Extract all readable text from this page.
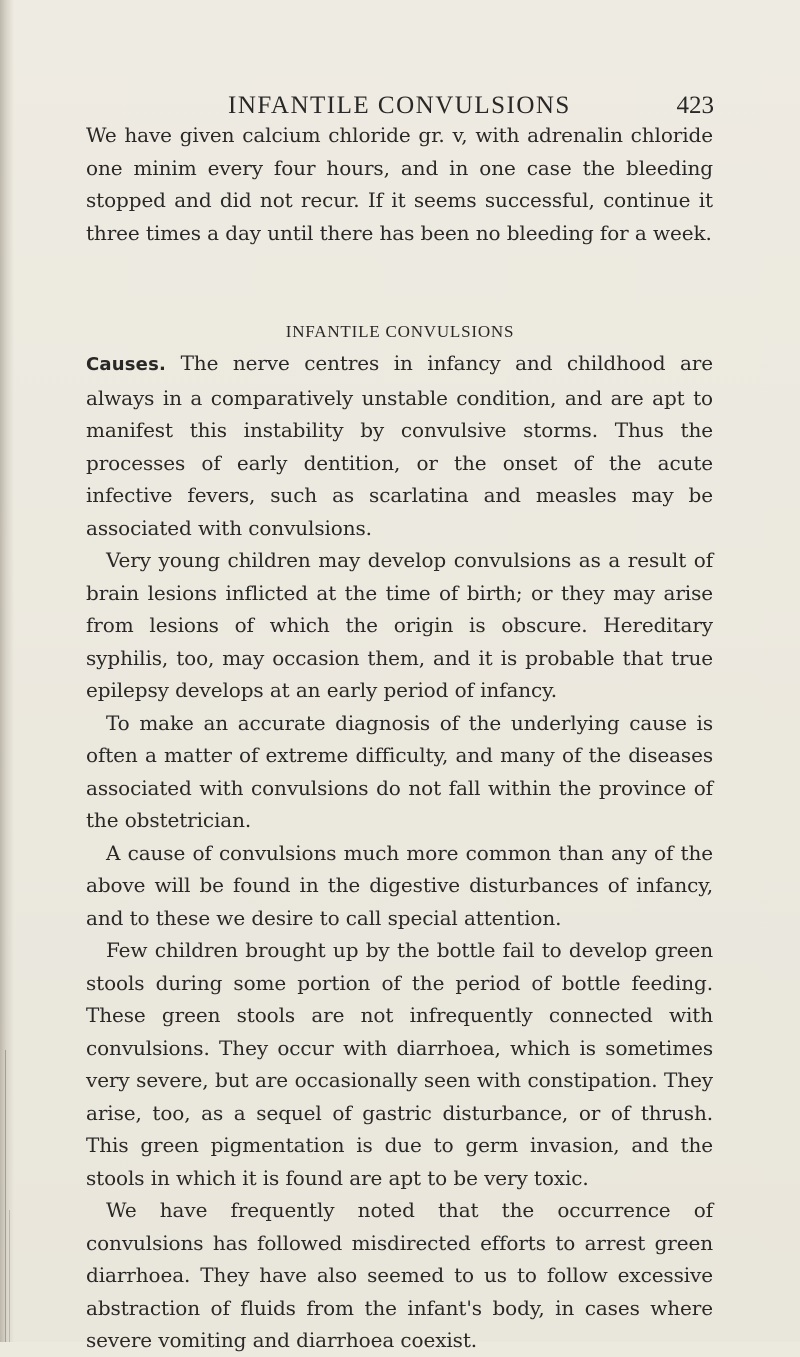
INFANTILE CONVULSIONS	423

We have given calcium chloride gr. v, with adrenalin chloride one minim every four hours, and in one case the bleeding stopped and did not recur. If it seems successful, continue it three times a day until there has been no bleeding for a week.

INFANTILE CONVULSIONS

Causes. The nerve centres in infancy and childhood are always in a comparatively unstable condition, and are apt to manifest this instability by convulsive storms. Thus the processes of early dentition, or the onset of the acute infective fevers, such as scarlatina and measles may be associated with convulsions.

Very young children may develop convulsions as a result of brain lesions inflicted at the time of birth; or they may arise from lesions of which the origin is obscure. Hereditary syphilis, too, may occasion them, and it is probable that true epilepsy develops at an early period of infancy.

To make an accurate diagnosis of the underlying cause is often a matter of extreme difficulty, and many of the diseases associated with convulsions do not fall within the province of the obstetrician.

A cause of convulsions much more common than any of the above will be found in the digestive disturbances of infancy, and to these we desire to call special attention.

Few children brought up by the bottle fail to develop green stools during some portion of the period of bottle feeding. These green stools are not infrequently connected with convulsions. They occur with diarrhoea, which is sometimes very severe, but are occasionally seen with constipation. They arise, too, as a sequel of gastric disturbance, or of thrush. This green pigmentation is due to germ invasion, and the stools in which it is found are apt to be very toxic.

We have frequently noted that the occurrence of convulsions has followed misdirected efforts to arrest green diarrhoea. They have also seemed to us to follow excessive abstraction of fluids from the infant's body, in cases where severe vomiting and diarrhoea coexist.
